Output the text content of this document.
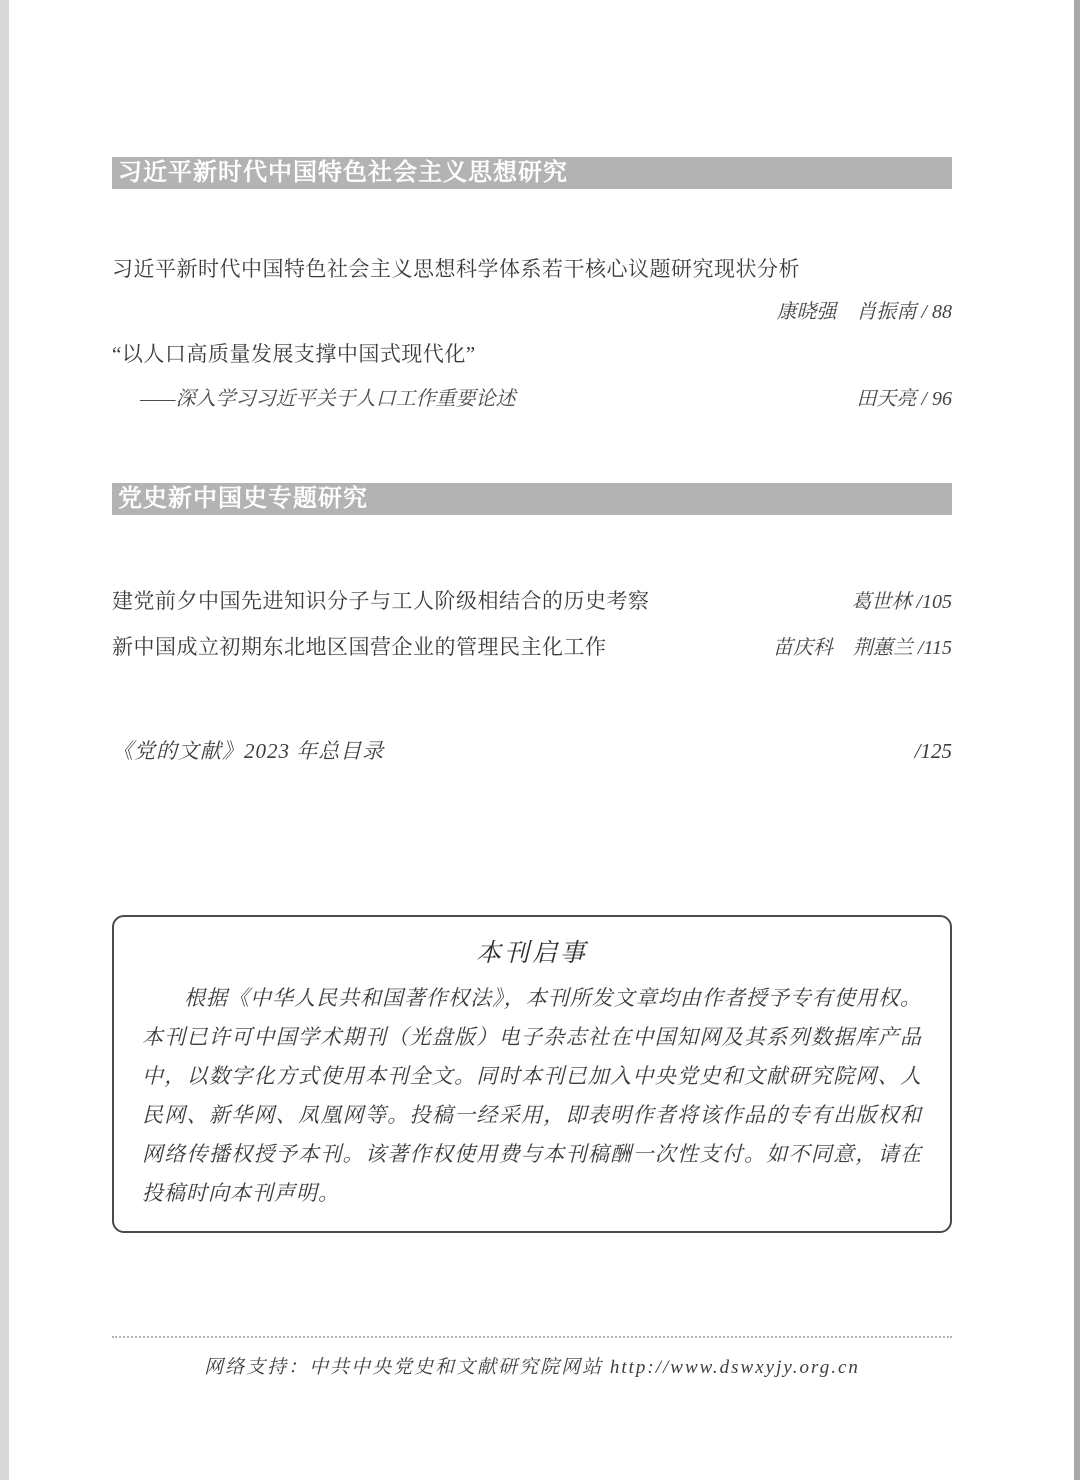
习近平新时代中国特色社会主义思想研究
习近平新时代中国特色社会主义思想科学体系若干核心议题研究现状分析
康晓强　肖振南 / 88
“以人口高质量发展支撑中国式现代化”
——深入学习习近平关于人口工作重要论述	田天亮 / 96
党史新中国史专题研究
建党前夕中国先进知识分子与工人阶级相结合的历史考察	葛世林 /105
新中国成立初期东北地区国营企业的管理民主化工作	苗庆科　荆蕙兰 /115
《党的文献》2023 年总目录	/125
本刊启事
根据《中华人民共和国著作权法》，本刊所发文章均由作者授予专有使用权。本刊已许可中国学术期刊（光盘版）电子杂志社在中国知网及其系列数据库产品中，以数字化方式使用本刊全文。同时本刊已加入中央党史和文献研究院网、人民网、新华网、凤凰网等。投稿一经采用，即表明作者将该作品的专有出版权和网络传播权授予本刊。该著作权使用费与本刊稿酬一次性支付。如不同意，请在投稿时向本刊声明。
网络支持：中共中央党史和文献研究院网站 http://www.dswxyjy.org.cn
